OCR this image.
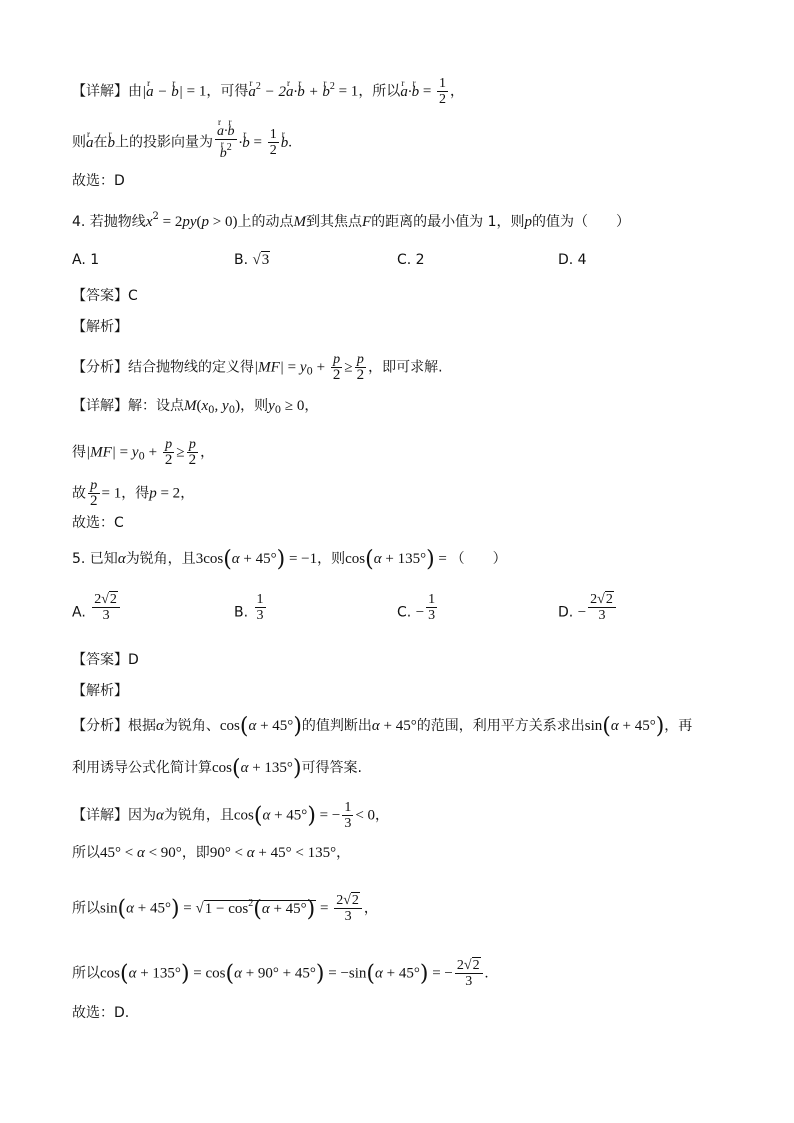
【详解】由|r a − r b| = 1，可得r $a^2 - 2r$ a·r b + r $b^2 = 1$，所以r a·r $b = \frac{1}{2}$ ，
则r a在r b上的投影向量为 r a·r b
r $b^2 \cdot r$ $b = \frac{1}{2}$ r b.
故选：D
4. 若抛物线$x^2 = 2py(p > 0)$上的动点M到其焦点F的距离的最小值为 1，则p的值为（　　）
A. 1	B. √3	C. 2	D. 4
【答案】C
【解析】
【分析】结合抛物线的定义得$|MF| = y_0 + \frac{p}{2} \ge \frac{p}{2}$ ，即可求解.
【详解】解：设点$M(x_0$, $y_0$)，则$y_0 \ge 0$，
得$|MF| = y_0 + \frac{p}{2} \ge \frac{p}{2}$ ，
故 $\frac{p}{2} = 1$，得p = 2，
故选：C
5. 已知α为锐角，且3cos(α + 45°) = −1，则cos(α + 135°) = （　　）
A. $\frac{2√2}{3}$	B. $\frac{1}{3}$	C. − $\frac{1}{3}$	D. − $\frac{2√2}{3}$
【答案】D
【解析】
【分析】根据α为锐角、cos(α + 45°)的值判断出α + 45°的范围，利用平方关系求出sin(α + 45°)，再
利用诱导公式化简计算cos(α + 135°)可得答案.
【详解】因为α为锐角，且cos(α + 45°) = − $\frac{1}{3} < 0$，
所以45° < α < 90°，即90° < α + 45° < 135°，
所以$\sin(\alpha + 45^\circ) = √1 - \cos^2(\alpha + 45^\circ) = \frac{2√2}{3}$ ，
所以cos(α + 135°) = cos(α + 90° + 45°) = −sin(α + 45°) = − $\frac{2√2}{3}$ .
故选：D.
